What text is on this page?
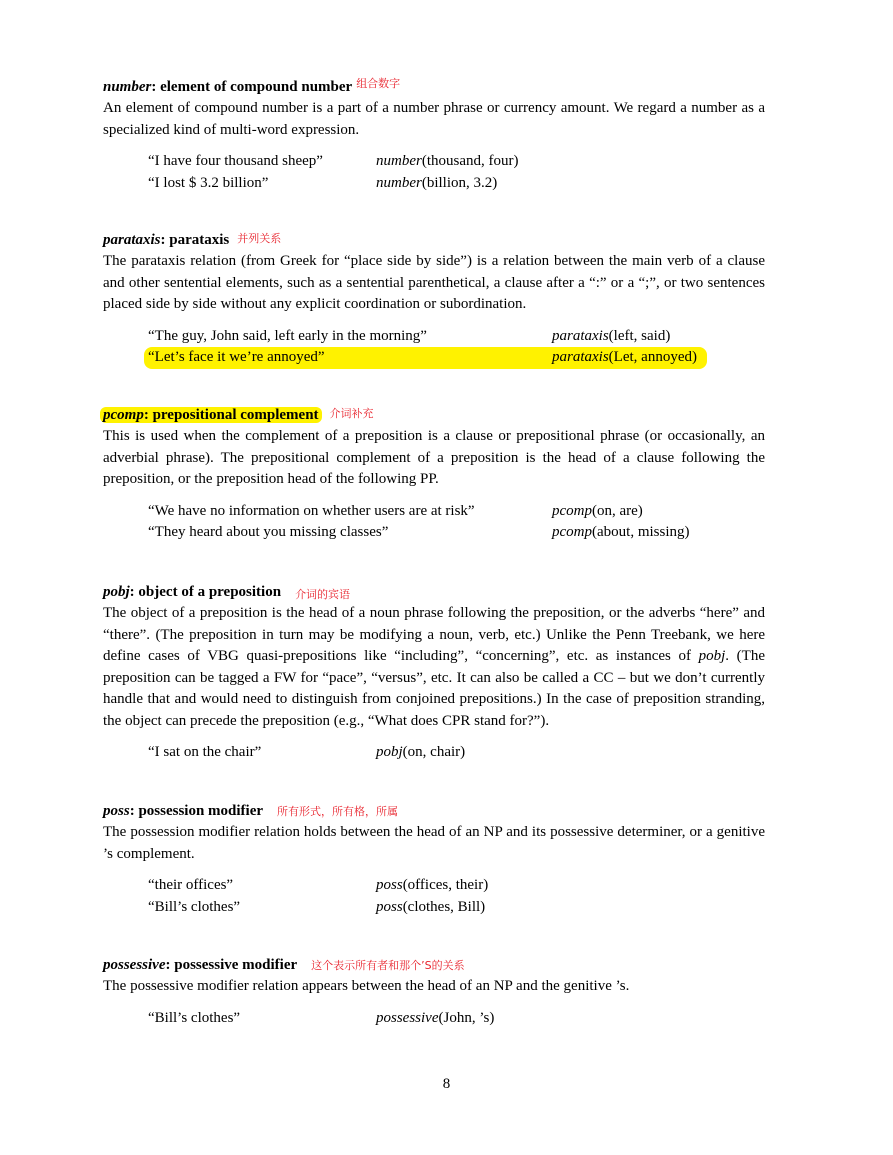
number: element of compound number $^{组合数字}$

An element of compound number is a part of a number phrase or currency amount. We regard a number as a specialized kind of multi-word expression.

“I have four thousand sheep”	number(thousand, four)
“I lost $ 3.2 billion”	number(billion, 3.2)
parataxis: parataxis 并列关系

The parataxis relation (from Greek for “place side by side”) is a relation between the main verb of a clause and other sentential elements, such as a sentential parenthetical, a clause after a “:” or a “;”, or two sentences placed side by side without any explicit coordination or subordination.

“The guy, John said, left early in the morning”	parataxis(left, said)
“Let’s face it we’re annoyed”	parataxis(Let, annoyed)
pcomp: prepositional complement 介词补充

This is used when the complement of a preposition is a clause or prepositional phrase (or occasionally, an adverbial phrase). The prepositional complement of a preposition is the head of a clause following the preposition, or the preposition head of the following PP.

“We have no information on whether users are at risk”	pcomp(on, are)
“They heard about you missing classes”	pcomp(about, missing)
pobj: object of a preposition 介词的宾语

The object of a preposition is the head of a noun phrase following the preposition, or the adverbs “here” and “there”. (The preposition in turn may be modifying a noun, verb, etc.) Unlike the Penn Treebank, we here define cases of VBG quasi-prepositions like “including”, “concerning”, etc. as instances of pobj. (The preposition can be tagged a FW for “pace”, “versus”, etc. It can also be called a CC – but we don’t currently handle that and would need to distinguish from conjoined prepositions.) In the case of preposition stranding, the object can precede the preposition (e.g., “What does CPR stand for?”).

“I sat on the chair”	pobj(on, chair)
poss: possession modifier 所有形式，所有格，所属

The possession modifier relation holds between the head of an NP and its possessive determiner, or a genitive ’s complement.

“their offices”	poss(offices, their)
“Bill’s clothes”	poss(clothes, Bill)
possessive: possessive modifier 这个表示所有者和那个’S的关系

The possessive modifier relation appears between the head of an NP and the genitive ’s.

“Bill’s clothes”	possessive(John, ’s)
8
